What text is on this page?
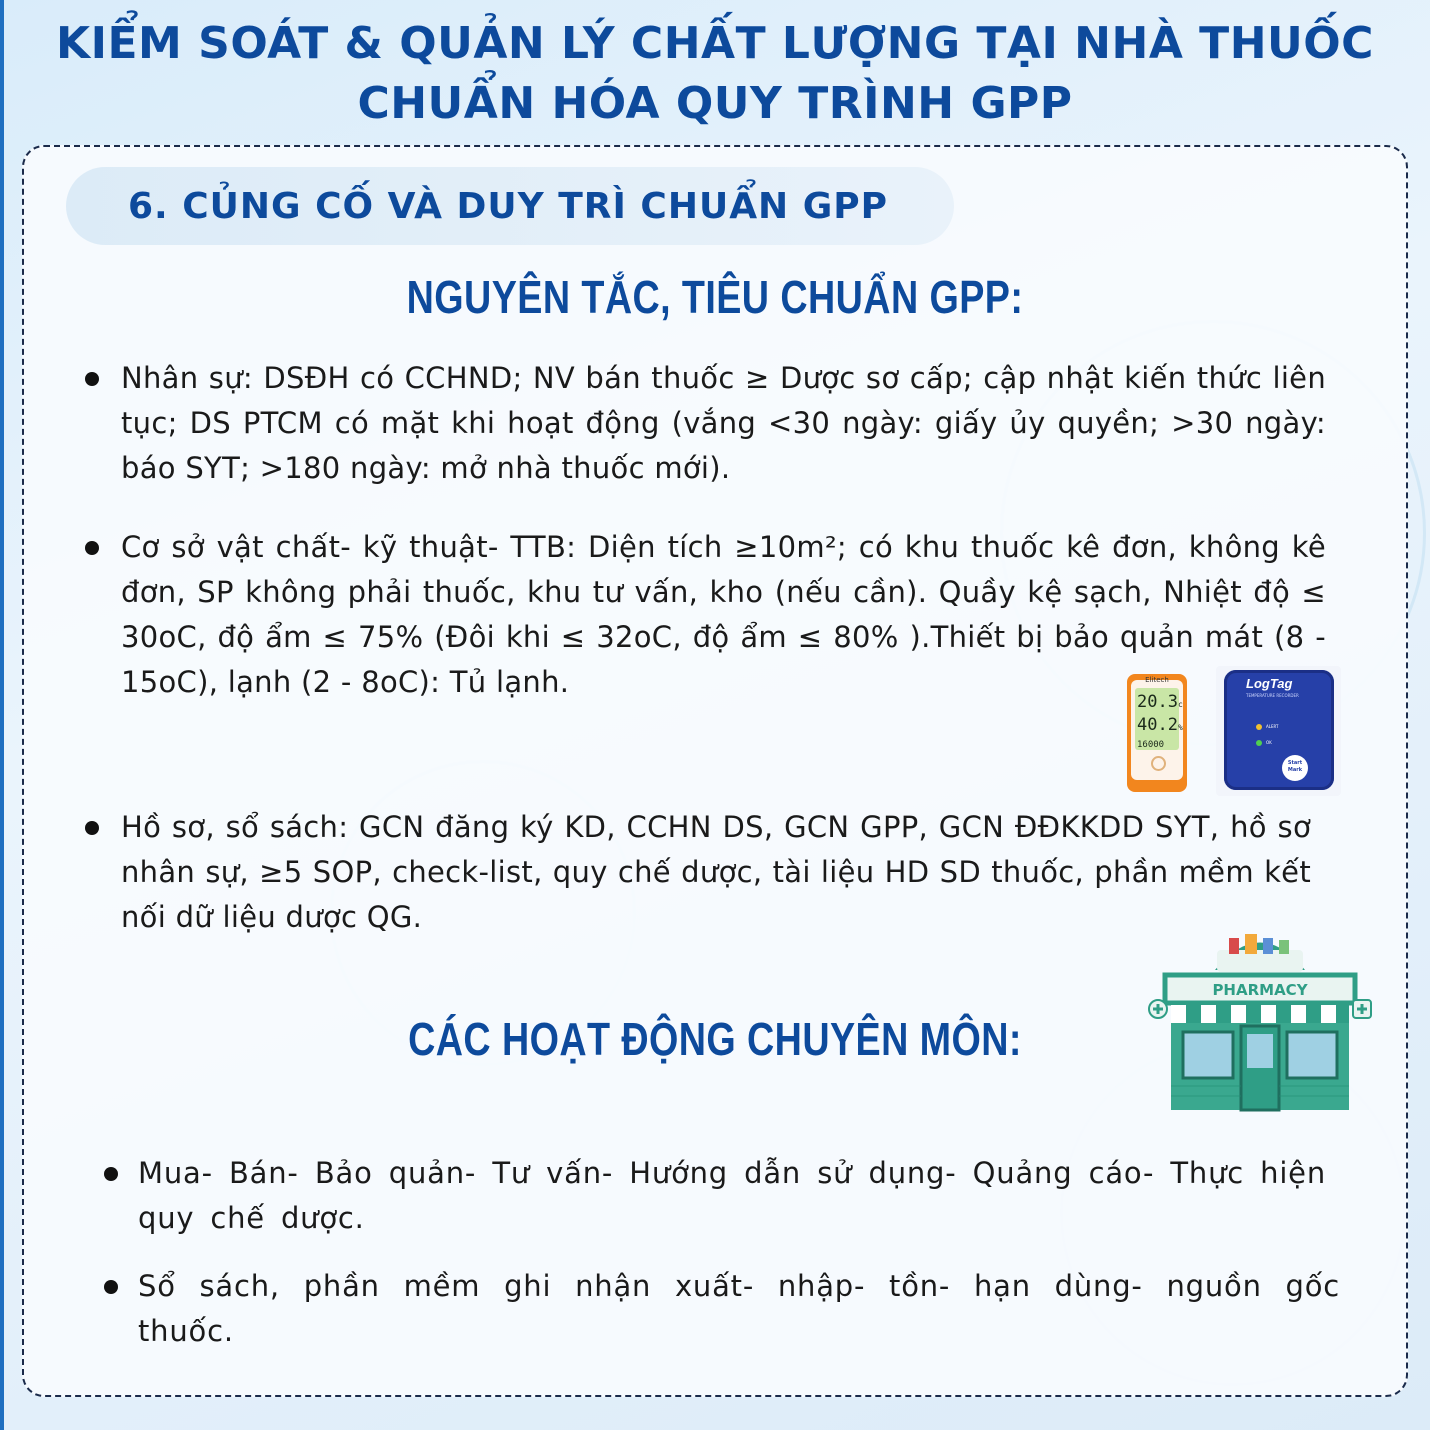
KIỂM SOÁT & QUẢN LÝ CHẤT LƯỢNG TẠI NHÀ THUỐC
CHUẨN HÓA QUY TRÌNH GPP
6. CỦNG CỐ VÀ DUY TRÌ CHUẨN GPP
NGUYÊN TẮC, TIÊU CHUẨN GPP:
Nhân sự: DSĐH có CCHND; NV bán thuốc ≥ Dược sơ cấp; cập nhật kiến thức liên tục; DS PTCM có mặt khi hoạt động (vắng <30 ngày: giấy ủy quyền; >30 ngày: báo SYT; >180 ngày: mở nhà thuốc mới).
Cơ sở vật chất- kỹ thuật- TTB: Diện tích ≥10m²; có khu thuốc kê đơn, không kê đơn, SP không phải thuốc, khu tư vấn, kho (nếu cần). Quầy kệ sạch, Nhiệt độ ≤ 30oC, độ ẩm ≤ 75% (Đôi khi ≤ 32oC, độ ẩm ≤ 80% ).Thiết bị bảo quản mát (8 - 15oC), lạnh (2 - 8oC): Tủ lạnh.
Hồ sơ, sổ sách: GCN đăng ký KD, CCHN DS, GCN GPP, GCN ĐĐKKDD SYT, hồ sơ nhân sự, ≥5 SOP, check-list, quy chế dược, tài liệu HD SD thuốc, phần mềm kết nối dữ liệu dược QG.
Elitech
20.3c
40.2%
16000
LogTag
TEMPERATURE RECORDER
ALERT
OK
Start Mark
PHARMACY
CÁC HOẠT ĐỘNG CHUYÊN MÔN:
Mua- Bán- Bảo quản- Tư vấn- Hướng dẫn sử dụng- Quảng cáo- Thực hiện quy chế dược.
Sổ sách, phần mềm ghi nhận xuất- nhập- tồn- hạn dùng- nguồn gốc thuốc.
